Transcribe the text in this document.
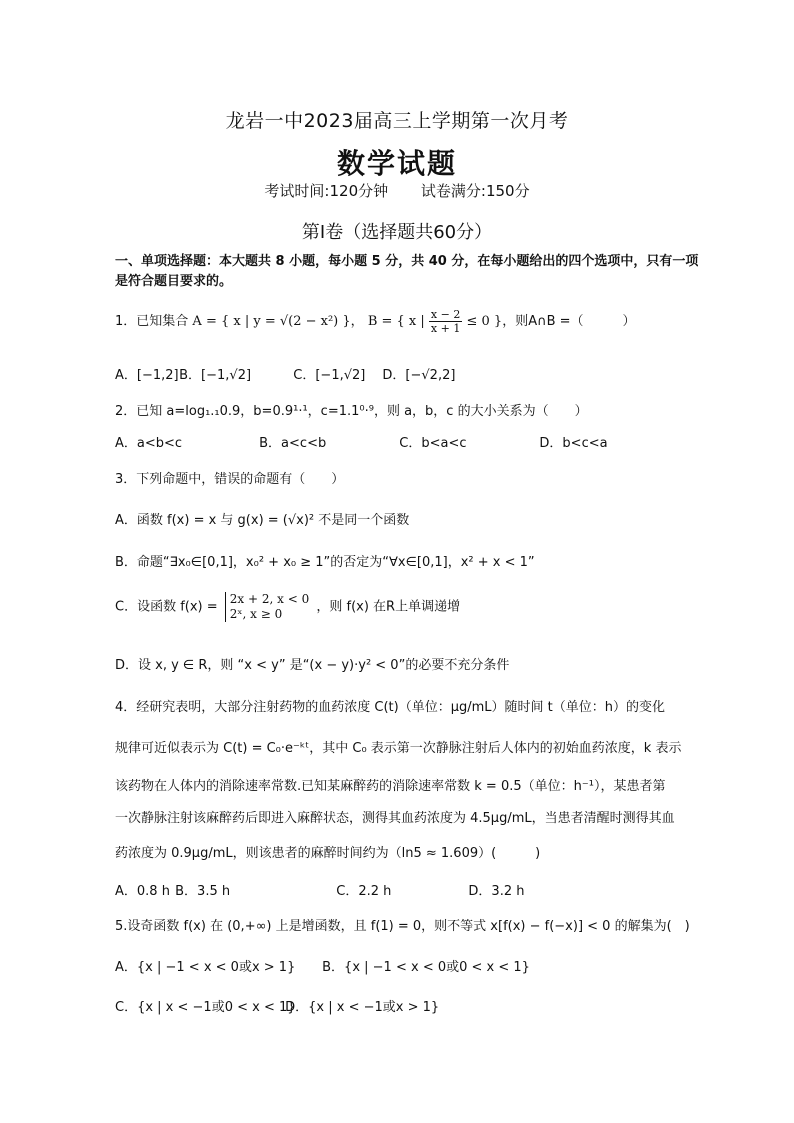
龙岩一中2023届高三上学期第一次月考
数学试题
考试时间:120分钟 试卷满分:150分
第Ⅰ卷（选择题共60分）
一、单项选择题：本大题共 8 小题，每小题 5 分，共 40 分，在每小题给出的四个选项中，只有一项是符合题目要求的。
1．已知集合 A = { x | y = √(2 − x²) }， B = { x | $\frac{x - 2}{x + 1} \le 0$ }，则A∩B =（　　　）
A．[−1,2] B．[−1,√2]	C．[−1,√2] D．[−√2,2]
2．已知 a=log₁.₁0.9，b=0.9¹·¹，c=1.1⁰·⁹，则 a，b，c 的大小关系为（　　）
A．a<b<c	B．a<c<b	C．b<a<c	D．b<c<a
3．下列命题中，错误的命题有（　　）
A．函数 f(x) = x 与 g(x) = (√x)² 不是同一个函数
B．命题“∃x₀∈[0,1]，x₀² + x₀ ≥ 1”的否定为“∀x∈[0,1]，x² + x < 1”
C．设函数 f(x) =
2x + 2, x < 0
2ˣ, x ≥ 0	，则 f(x) 在R上单调递增
D．设 x, y ∈ R，则 “x < y” 是“(x − y)·y² < 0”的必要不充分条件
4．经研究表明，大部分注射药物的血药浓度 C(t)（单位：μg/mL）随时间 t（单位：h）的变化
规律可近似表示为 C(t) = C₀·e⁻ᵏᵗ，其中 C₀ 表示第一次静脉注射后人体内的初始血药浓度，k 表示
该药物在人体内的消除速率常数.已知某麻醉药的消除速率常数 k = 0.5（单位：h⁻¹），某患者第
一次静脉注射该麻醉药后即进入麻醉状态，测得其血药浓度为 4.5μg/mL，当患者清醒时测得其血
药浓度为 0.9μg/mL，则该患者的麻醉时间约为（ln5 ≈ 1.609）(　　　)
A．0.8 h B．3.5 h	C．2.2 h	D．3.2 h
5.设奇函数 f(x) 在 (0,+∞) 上是增函数，且 f(1) = 0，则不等式 x[f(x) − f(−x)] < 0 的解集为(　)
A．{x | −1 < x < 0或x > 1} B．{x | −1 < x < 0或0 < x < 1}
C．{x | x < −1或0 < x < 1} D．{x | x < −1或x > 1}
